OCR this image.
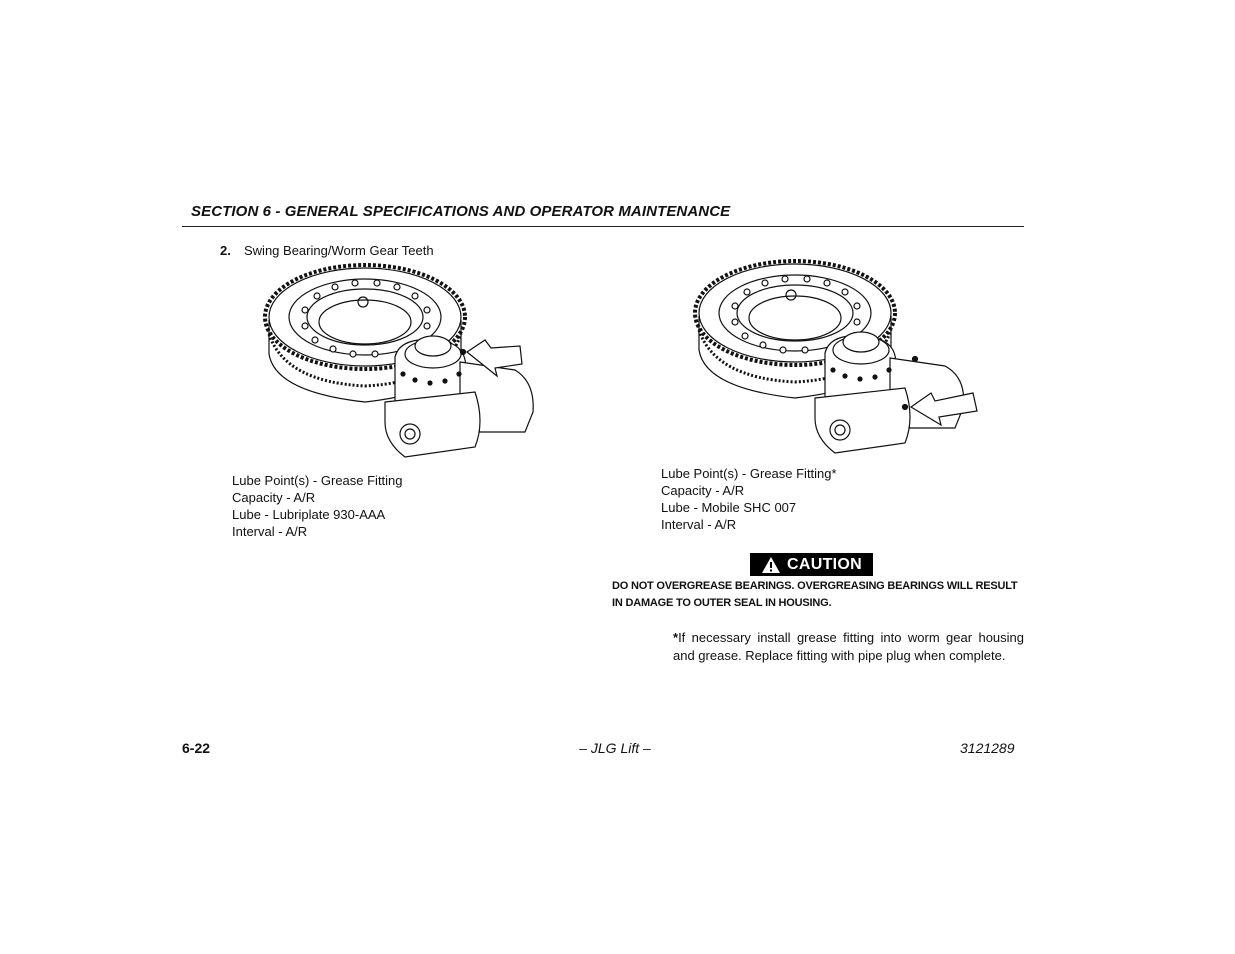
SECTION 6 - GENERAL SPECIFICATIONS AND OPERATOR MAINTENANCE
2. Swing Bearing/Worm Gear Teeth
Lube Point(s) - Grease Fitting
Capacity - A/R
Lube - Lubriplate 930-AAA
Interval - A/R
Lube Point(s) - Grease Fitting*
Capacity - A/R
Lube - Mobile SHC 007
Interval - A/R
CAUTION
DO NOT OVERGREASE BEARINGS. OVERGREASING BEARINGS WILL RESULT IN DAMAGE TO OUTER SEAL IN HOUSING.
*If necessary install grease fitting into worm gear housing and grease. Replace fitting with pipe plug when complete.
6-22	– JLG Lift –	3121289
